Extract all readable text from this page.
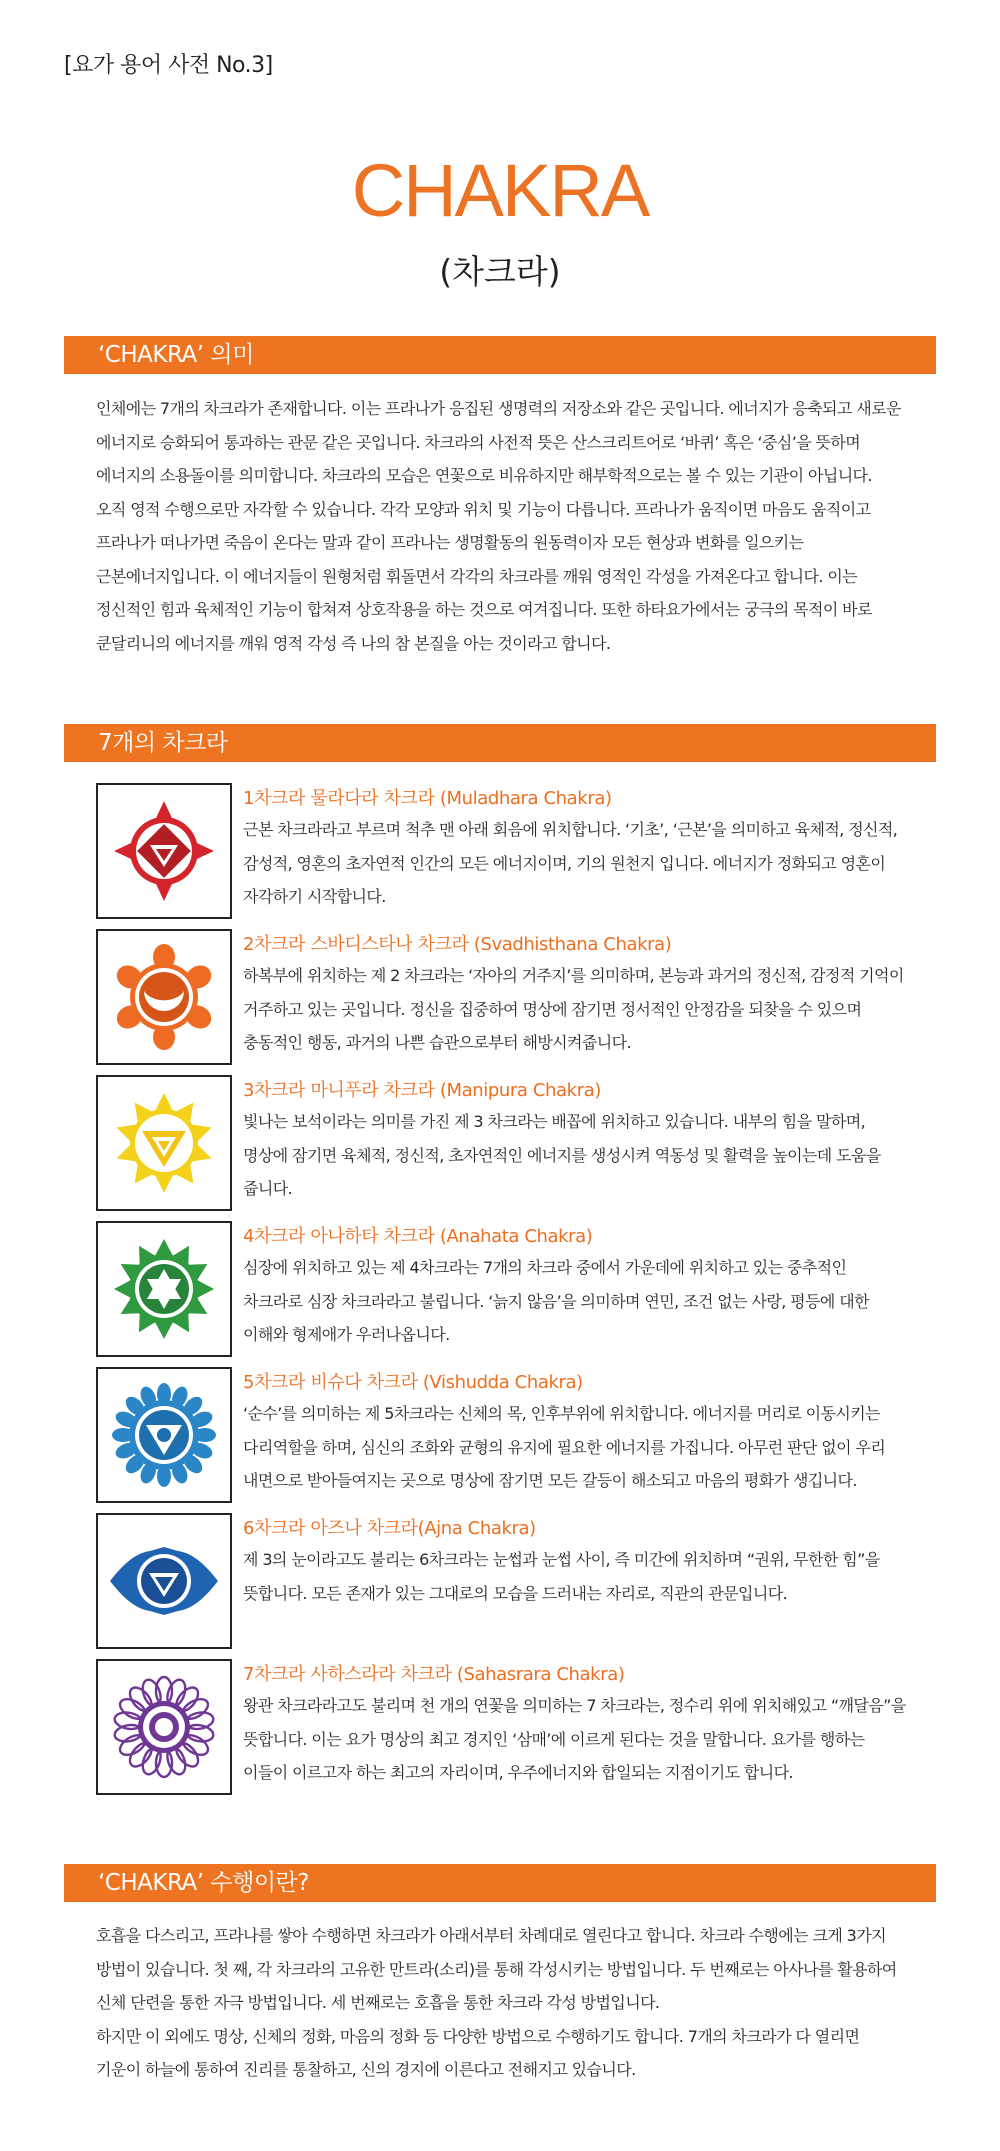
[요가 용어 사전 No.3]
CHAKRA
(차크라)
‘CHAKRA’ 의미
인체에는 7개의 차크라가 존재합니다. 이는 프라나가 응집된 생명력의 저장소와 같은 곳입니다. 에너지가 응축되고 새로운
에너지로 승화되어 통과하는 관문 같은 곳입니다. 차크라의 사전적 뜻은 산스크리트어로 ‘바퀴’ 혹은 ‘중심’을 뜻하며
에너지의 소용돌이를 의미합니다. 차크라의 모습은 연꽃으로 비유하지만 해부학적으로는 볼 수 있는 기관이 아닙니다.
오직 영적 수행으로만 자각할 수 있습니다. 각각 모양과 위치 및 기능이 다릅니다. 프라나가 움직이면 마음도 움직이고
프라나가 떠나가면 죽음이 온다는 말과 같이 프라나는 생명활동의 원동력이자 모든 현상과 변화를 일으키는
근본에너지입니다. 이 에너지들이 원형처럼 휘돌면서 각각의 차크라를 깨워 영적인 각성을 가져온다고 합니다. 이는
정신적인 힘과 육체적인 기능이 합쳐져 상호작용을 하는 것으로 여겨집니다. 또한 하타요가에서는 궁극의 목적이 바로
쿤달리니의 에너지를 깨워 영적 각성 즉 나의 참 본질을 아는 것이라고 합니다.
7개의 차크라
1차크라 물라다라 차크라 (Muladhara Chakra)
근본 차크라라고 부르며 척추 맨 아래 회음에 위치합니다. ‘기초’, ‘근본’을 의미하고 육체적, 정신적,
감성적, 영혼의 초자연적 인간의 모든 에너지이며, 기의 원천지 입니다. 에너지가 정화되고 영혼이
자각하기 시작합니다.
2차크라 스바디스타나 차크라 (Svadhisthana Chakra)
하복부에 위치하는 제 2 차크라는 ‘자아의 거주지’를 의미하며, 본능과 과거의 정신적, 감정적 기억이
거주하고 있는 곳입니다. 정신을 집중하여 명상에 잠기면 정서적인 안정감을 되찾을 수 있으며
충동적인 행동, 과거의 나쁜 습관으로부터 해방시켜줍니다.
3차크라 마니푸라 차크라 (Manipura Chakra)
빛나는 보석이라는 의미를 가진 제 3 차크라는 배꼽에 위치하고 있습니다. 내부의 힘을 말하며,
명상에 잠기면 육체적, 정신적, 초자연적인 에너지를 생성시켜 역동성 및 활력을 높이는데 도움을
줍니다.
4차크라 아나하타 차크라 (Anahata Chakra)
심장에 위치하고 있는 제 4차크라는 7개의 차크라 중에서 가운데에 위치하고 있는 중추적인
차크라로 심장 차크라라고 불립니다. ‘늙지 않음’을 의미하며 연민, 조건 없는 사랑, 평등에 대한
이해와 형제애가 우러나옵니다.
5차크라 비슈다 차크라 (Vishudda Chakra)
‘순수’를 의미하는 제 5차크라는 신체의 목, 인후부위에 위치합니다. 에너지를 머리로 이동시키는
다리역할을 하며, 심신의 조화와 균형의 유지에 필요한 에너지를 가집니다. 아무런 판단 없이 우리
내면으로 받아들여지는 곳으로 명상에 잠기면 모든 갈등이 해소되고 마음의 평화가 생깁니다.
6차크라 아즈나 차크라(Ajna Chakra)
제 3의 눈이라고도 불리는 6차크라는 눈썹과 눈썹 사이, 즉 미간에 위치하며 “권위, 무한한 힘”을
뜻합니다. 모든 존재가 있는 그대로의 모습을 드러내는 자리로, 직관의 관문입니다.
7차크라 사하스라라 차크라 (Sahasrara Chakra)
왕관 차크라라고도 불리며 천 개의 연꽃을 의미하는 7 차크라는, 정수리 위에 위치해있고 “깨달음”을
뜻합니다. 이는 요가 명상의 최고 경지인 ‘삼매’에 이르게 된다는 것을 말합니다. 요가를 행하는
이들이 이르고자 하는 최고의 자리이며, 우주에너지와 합일되는 지점이기도 합니다.
‘CHAKRA’ 수행이란?
호흡을 다스리고, 프라나를 쌓아 수행하면 차크라가 아래서부터 차례대로 열린다고 합니다. 차크라 수행에는 크게 3가지
방법이 있습니다. 첫 째, 각 차크라의 고유한 만트라(소리)를 통해 각성시키는 방법입니다. 두 번째로는 아사나를 활용하여
신체 단련을 통한 자극 방법입니다. 세 번째로는 호흡을 통한 차크라 각성 방법입니다.
하지만 이 외에도 명상, 신체의 정화, 마음의 정화 등 다양한 방법으로 수행하기도 합니다. 7개의 차크라가 다 열리면
기운이 하늘에 통하여 진리를 통찰하고, 신의 경지에 이른다고 전해지고 있습니다.
